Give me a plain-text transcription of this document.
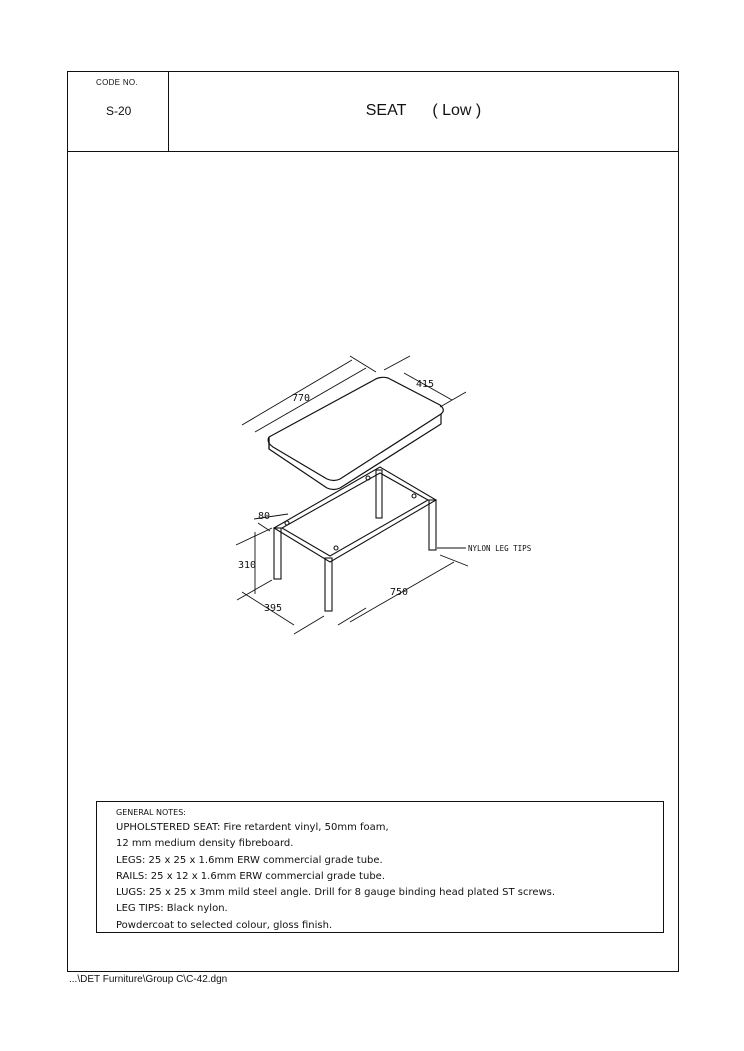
CODE NO.
S-20	SEAT ( Low )
770
415
80
310
395
750
NYLON LEG TIPS
GENERAL NOTES:
UPHOLSTERED SEAT: Fire retardent vinyl, 50mm foam,
12 mm medium density fibreboard.
LEGS: 25 x 25 x 1.6mm ERW commercial grade tube.
RAILS: 25 x 12 x 1.6mm ERW commercial grade tube.
LUGS: 25 x 25 x 3mm mild steel angle. Drill for 8 gauge binding head plated ST screws.
LEG TIPS: Black nylon.
Powdercoat to selected colour, gloss finish.
...\DET Furniture\Group C\C-42.dgn
